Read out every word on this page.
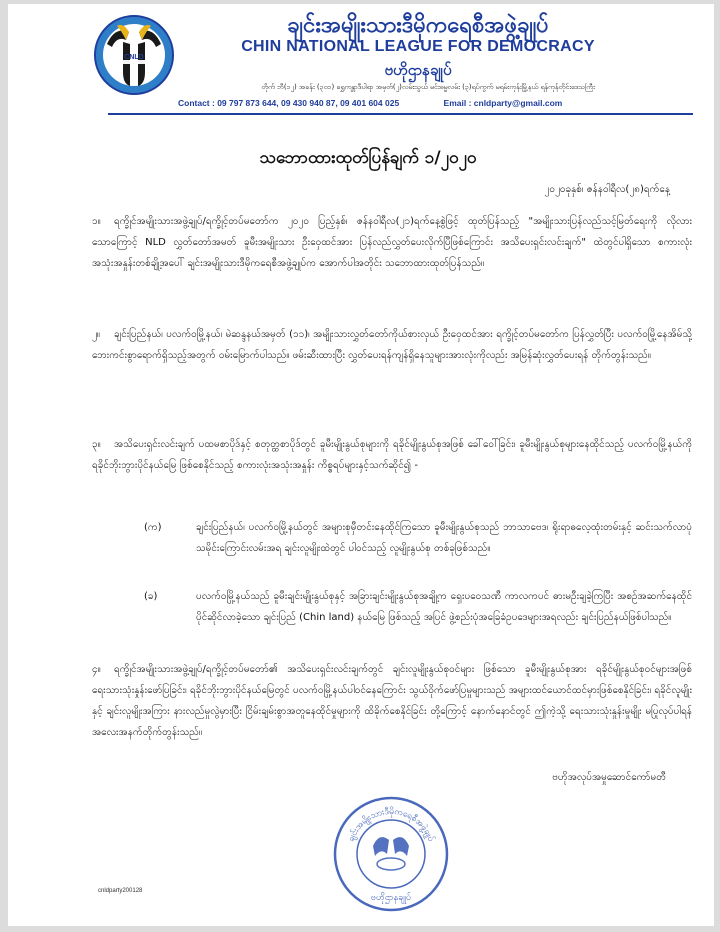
CNLD
ချင်းအမျိုးသားဒီမိုကရေစီအဖွဲ့ချုပ်
CHIN NATIONAL LEAGUE FOR DEMOCRACY
ဗဟိုဌာနချုပ်
တိုက် ဘီ(၁၂) အခန်း (၃၀၁) ရွှေကန္တာဒီပါရာ အမှတ်(၂)လမ်းသွယ် မင်းဓမ္မလမ်း (၃)ရပ်ကွက် မရမ်းကုန်းမြို့နယ် ရန်ကုန်တိုင်းဒေသကြီး
Contact : 09 797 873 644, 09 430 940 87, 09 401 604 025	Email : cnldparty@gmail.com
သဘောထားထုတ်ပြန်ချက် ၁/၂၀၂၀
၂၀၂၀ခုနှစ်၊ ဇန်နဝါရီလ(၂၈)ရက်နေ့
၁။ ရက္ခိုင်အမျိုးသားအဖွဲ့ချုပ်/ရက္ခိုင့်တပ်မတော်က ၂၀၂၀ ပြည့်နှစ်၊ ဇန်နဝါရီလ(၂၁)ရက်နေ့စွဲဖြင့် ထုတ်ပြန်သည့် "အမျိုးသားပြန်လည်သင့်မြတ်ရေးကို လိုလားသောကြောင့် NLD လွှတ်တော်အမတ် ခူမီးအမျိုးသား ဦးဝှေထင်အား ပြန်လည်လွှတ်ပေးလိုက်ပြီဖြစ်ကြောင်း အသိပေးရှင်းလင်းချက်" ထဲတွင်ပါရှိသော စကားလုံး အသုံးအနှုန်းတစ်ချို့အပေါ် ချင်းအမျိုးသားဒီမိုကရေစီအဖွဲ့ချုပ်က အောက်ပါအတိုင်း သဘောထားထုတ်ပြန်သည်။
၂။ ချင်းပြည်နယ်၊ ပလက်ဝမြို့နယ်၊ မဲဆန္ဒနယ်အမှတ် (၁၁)၊ အမျိုးသားလွှတ်တော်ကိုယ်စားလှယ် ဦးဝှေထင်အား ရက္ခိုင့်တပ်မတော်က ပြန်လွှတ်ပြီး ပလက်ဝမြို့နေအိမ်သို့ ဘေးကင်းစွာရောက်ရှိသည့်အတွက် ဝမ်းမြောက်ပါသည်။ ဖမ်းဆီးထားပြီး လွှတ်ပေးရန်ကျန်ရှိနေသူများအားလုံးကိုလည်း အမြန်ဆုံးလွှတ်ပေးရန် တိုက်တွန်းသည်။
၃။ အသိပေးရှင်းလင်းချက် ပထမစာပိုဒ်နှင့် စတုတ္ထစာပိုဒ်တွင် ခူမီးမျိုးနွယ်စုများကို ရခိုင်မျိုးနွယ်စုအဖြစ် ခေါ်ဝေါ်ခြင်း၊ ခူမီးမျိုးနွယ်စုများနေထိုင်သည့် ပလက်ဝမြို့နယ်ကို ရခိုင်ဘိုးဘွားပိုင်နယ်မြေ ဖြစ်စေနိုင်သည့် စကားလုံးအသုံးအနှုန်း ကိစ္စရပ်များနှင့်သက်ဆိုင်၍ -
(က)	ချင်းပြည်နယ်၊ ပလက်ဝမြို့နယ်တွင် အများစုမှီတင်းနေထိုင်ကြသော ခူမီးမျိုးနွယ်စုသည် ဘာသာဗေဒ၊ ရိုးရာဓလေ့ထုံးတမ်းနှင့် ဆင်းသက်လာပုံသမိုင်းကြောင်းလမ်းအရ ချင်းလူမျိုးထဲတွင် ပါဝင်သည့် လူမျိုးနွယ်စု တစ်ခုဖြစ်သည်။
(ခ)	ပလက်ဝမြို့နယ်သည် ခူမီးချင်းမျိုးနွယ်စုနှင့် အခြားချင်းမျိုးနွယ်စုအချို့က ရှေးပဝေသဏီ ကာလကပင် ဓားမဦးချခဲ့ကြပြီး အစဉ်အဆက်နေထိုင်ပိုင်ဆိုင်လာခဲ့သော ချင်းပြည် (Chin land) နယ်မြေ ဖြစ်သည့် အပြင် ဖွဲ့စည်းပုံအခြေခံဥပဒေများအရလည်း ချင်းပြည်နယ်ဖြစ်ပါသည်။
၄။ ရက္ခိုင်အမျိုးသားအဖွဲ့ချုပ်/ရက္ခိုင့်တပ်မတော်၏ အသိပေးရှင်းလင်းချက်တွင် ချင်းလူမျိုးနွယ်စုဝင်များ ဖြစ်သော ခူမီးမျိုးနွယ်စုအား ရခိုင်မျိုးနွယ်စုဝင်များအဖြစ် ရေးသားသုံးနှုန်းဖော်ပြခြင်း၊ ရခိုင်ဘိုးဘွားပိုင်နယ်မြေတွင် ပလက်ဝမြို့နယ်ပါဝင်နေကြောင်း သွယ်ဝိုက်ဖော်ပြမှုများသည် အများထင်ယောင်ထင်မှားဖြစ်စေနိုင်ခြင်း၊ ရခိုင်လူမျိုးနှင့် ချင်းလူမျိုးအကြား နားလည်မှုလွဲမှားပြီး ငြိမ်းချမ်းစွာအတူနေထိုင်မှုများကို ထိခိုက်စေနိုင်ခြင်း တို့ကြောင့် နောက်နောင်တွင် ဤကဲ့သို့ ရေးသားသုံးနှုန်းမှုမျိုး မပြုလုပ်ပါရန် အလေးအနက်တိုက်တွန်းသည်။
ဗဟိုအလုပ်အမှုဆောင်ကော်မတီ
ချင်းအမျိုးသားဒီမိုကရေစီအဖွဲ့ချုပ်
ဗဟိုဌာနချုပ်
cnldparty200128
